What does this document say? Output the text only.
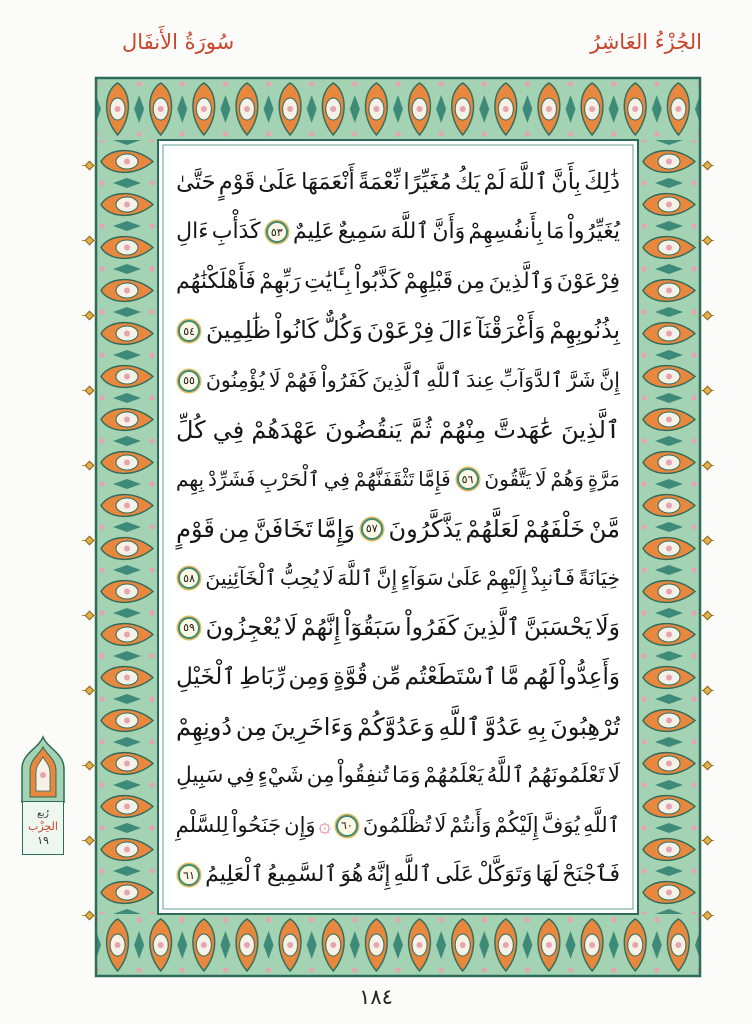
سُورَةُ الأَنفَال	الجُزْءُ العَاشِرُ
ذَٰلِكَ
بِأَنَّ
ٱللَّهَ
لَمْ
يَكُ
مُغَيِّرًا
نِّعْمَةً
أَنْعَمَهَا
عَلَىٰ
قَوْمٍ
حَتَّىٰ
يُغَيِّرُواْ
مَا
بِأَنفُسِهِمْ
وَأَنَّ
ٱللَّهَ
سَمِيعٌ
عَلِيمٌ
٥٣
كَدَأْبِ
ءَالِ
فِرْعَوْنَ
وَٱلَّذِينَ
مِن
قَبْلِهِمْ
كَذَّبُواْ
بِـَٔايَٰتِ
رَبِّهِمْ
فَأَهْلَكْنَٰهُم
بِذُنُوبِهِمْ
وَأَغْرَقْنَآ
ءَالَ
فِرْعَوْنَ
وَكُلٌّ
كَانُواْ
ظَٰلِمِينَ
٥٤
إِنَّ
شَرَّ
ٱلدَّوَآبِّ
عِندَ
ٱللَّهِ
ٱلَّذِينَ
كَفَرُواْ
فَهُمْ
لَا
يُؤْمِنُونَ
٥٥
ٱلَّذِينَ
عَٰهَدتَّ
مِنْهُمْ
ثُمَّ
يَنقُضُونَ
عَهْدَهُمْ
فِي
كُلِّ
مَرَّةٍ
وَهُمْ
لَا
يَتَّقُونَ
٥٦
فَإِمَّا
تَثْقَفَنَّهُمْ
فِي
ٱلْحَرْبِ
فَشَرِّدْ
بِهِم
مَّنْ
خَلْفَهُمْ
لَعَلَّهُمْ
يَذَّكَّرُونَ
٥٧
وَإِمَّا
تَخَافَنَّ
مِن
قَوْمٍ
خِيَانَةً
فَٱنبِذْ
إِلَيْهِمْ
عَلَىٰ
سَوَآءٍ
إِنَّ
ٱللَّهَ
لَا
يُحِبُّ
ٱلْخَآئِنِينَ
٥٨
وَلَا
يَحْسَبَنَّ
ٱلَّذِينَ
كَفَرُواْ
سَبَقُوٓاْ
إِنَّهُمْ
لَا
يُعْجِزُونَ
٥٩
وَأَعِدُّواْ
لَهُم
مَّا
ٱسْتَطَعْتُم
مِّن
قُوَّةٍ
وَمِن
رِّبَاطِ
ٱلْخَيْلِ
تُرْهِبُونَ
بِهِ
عَدُوَّ
ٱللَّهِ
وَعَدُوَّكُمْ
وَءَاخَرِينَ
مِن
دُونِهِمْ
لَا
تَعْلَمُونَهُمُ
ٱللَّهُ
يَعْلَمُهُمْ
وَمَا
تُنفِقُواْ
مِن
شَيْءٍ
فِي
سَبِيلِ
ٱللَّهِ
يُوَفَّ
إِلَيْكُمْ
وَأَنتُمْ
لَا
تُظْلَمُونَ
٦٠
۞
وَإِن
جَنَحُواْ
لِلسَّلْمِ
فَٱجْنَحْ
لَهَا
وَتَوَكَّلْ
عَلَى
ٱللَّهِ
إِنَّهُ
هُوَ
ٱلسَّمِيعُ
ٱلْعَلِيمُ
٦١
رُبع
الحِزْب
١٩
١٨٤
